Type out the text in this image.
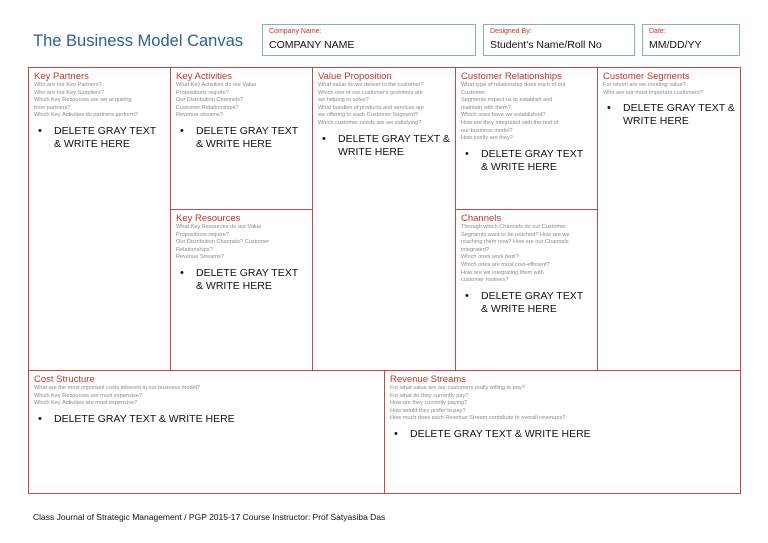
The Business Model Canvas
Company Name:
COMPANY NAME
Designed By:
Student's Name/Roll No
Date:
MM/DD/YY
Key Partners
Who are our Key Partners?
Who are our Key Suppliers?
Which Key Resources are we acquiring
from partners?
Which Key Activities do partners perform?
• DELETE GRAY TEXT & WRITE HERE
Key Activities
What Key Activities do our Value
Propositions require?
Our Distribution Channels?
Customer Relationships?
Revenue streams?
• DELETE GRAY TEXT & WRITE HERE
Key Resources
What Key Resources do our Value
Propositions require?
Our Distribution Channels? Customer
Relationships?
Revenue Streams?
• DELETE GRAY TEXT & WRITE HERE
Value Proposition
What value do we deliver to the customer?
Which one of our customer's problems are
we helping to solve?
What bundles of products and services are
we offering to each Customer Segment?
Which customer needs are we satisfying?
• DELETE GRAY TEXT & WRITE HERE
Customer Relationships
What type of relationship does each of our
Customer
Segments expect us to establish and
maintain with them?
Which ones have we established?
How are they integrated with the rest of
our business model?
How costly are they?
• DELETE GRAY TEXT & WRITE HERE
Channels
Through which Channels do our Customer
Segments want to be reached? How are we
reaching them now? How are our Channels
integrated?
Which ones work best?
Which ones are most cost-efficient?
How are we integrating them with
customer routines?
• DELETE GRAY TEXT & WRITE HERE
Customer Segments
For whom are we creating value?
Who are our most important customers?
• DELETE GRAY TEXT & WRITE HERE
Cost Structure
What are the most important costs inherent in our business model?
Which Key Resources are most expensive?
Which Key Activities are most expensive?
• DELETE GRAY TEXT & WRITE HERE
Revenue Streams
For what value are our customers really willing to pay?
For what do they currently pay?
How are they currently paying?
How would they prefer to pay?
How much does each Revenue Stream contribute to overall revenues?
• DELETE GRAY TEXT & WRITE HERE
Class Journal of Strategic Management / PGP 2015-17 Course Instructor: Prof Satyasiba Das
